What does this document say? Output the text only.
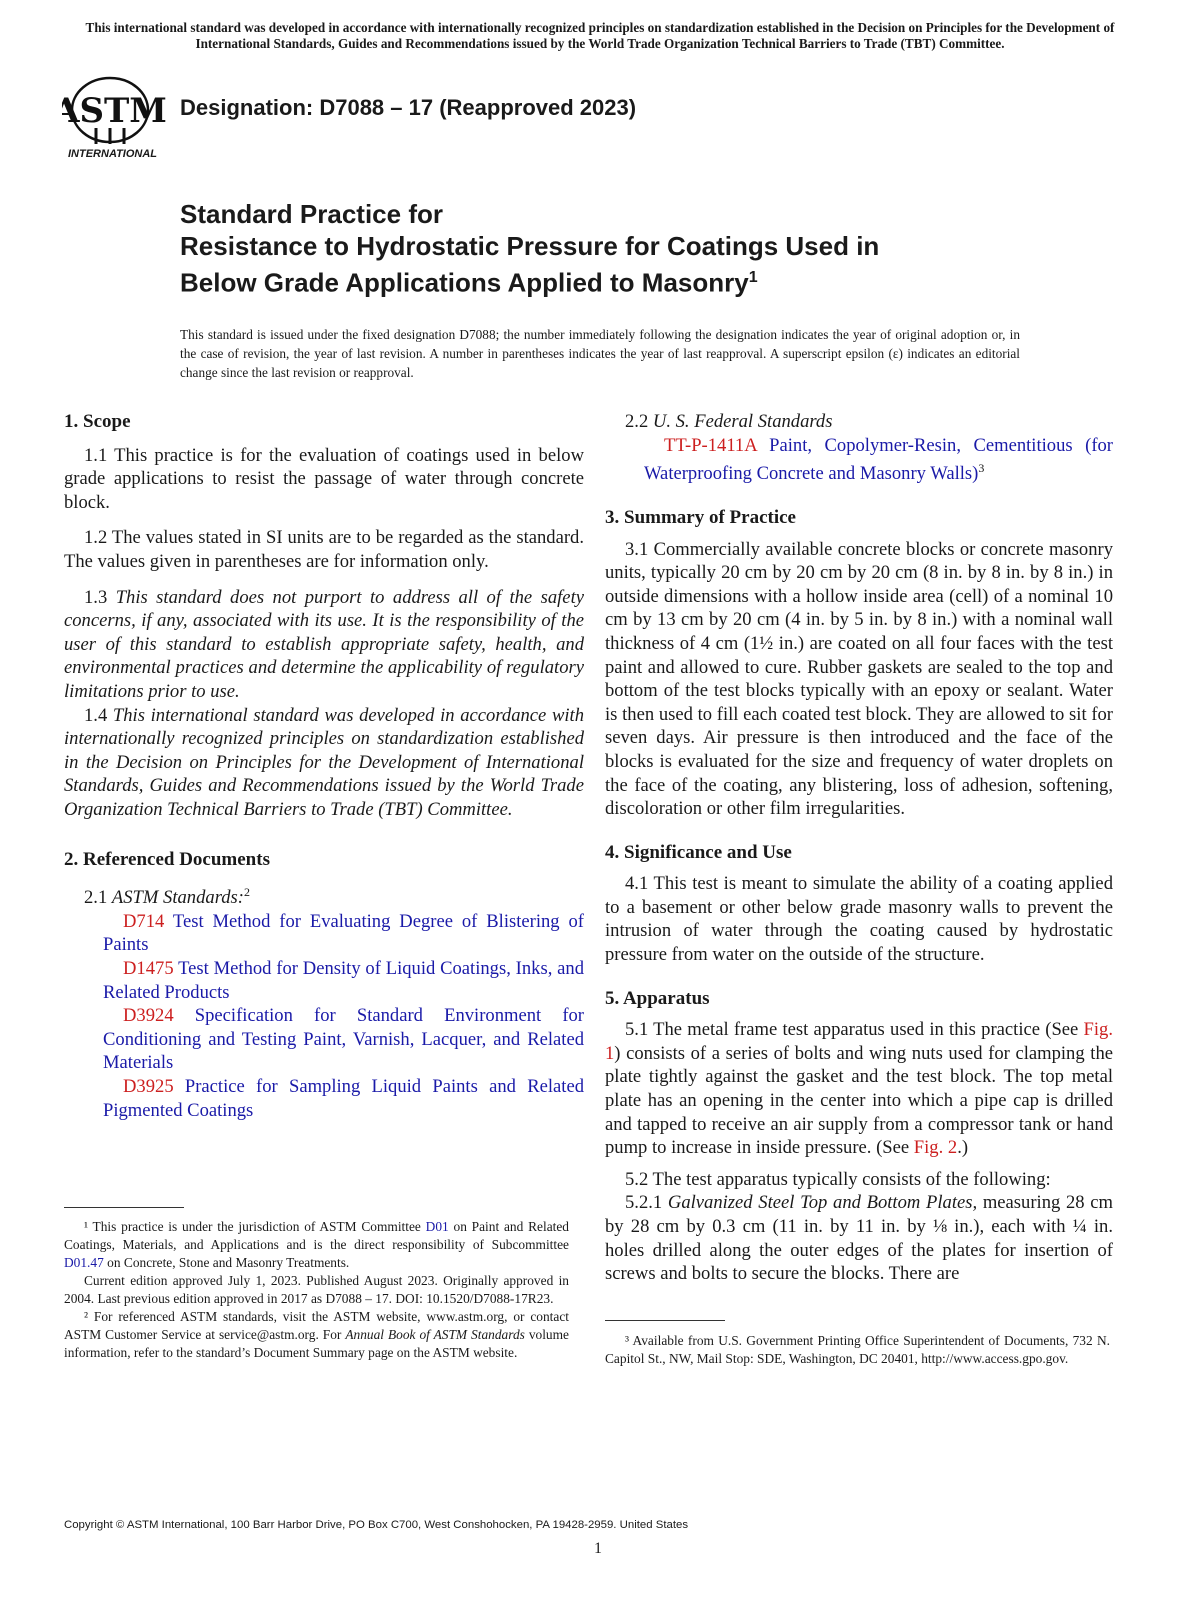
This international standard was developed in accordance with internationally recognized principles on standardization established in the Decision on Principles for the Development of International Standards, Guides and Recommendations issued by the World Trade Organization Technical Barriers to Trade (TBT) Committee.
ASTM
INTERNATIONAL
Designation: D7088 – 17 (Reapproved 2023)
Standard Practice for
Resistance to Hydrostatic Pressure for Coatings Used in
Below Grade Applications Applied to Masonry$^1$
This standard is issued under the fixed designation D7088; the number immediately following the designation indicates the year of original adoption or, in the case of revision, the year of last revision. A number in parentheses indicates the year of last reapproval. A superscript epsilon (ε) indicates an editorial change since the last revision or reapproval.

1. Scope

1.1 This practice is for the evaluation of coatings used in below grade applications to resist the passage of water through concrete block.

1.2 The values stated in SI units are to be regarded as the standard. The values given in parentheses are for information only.

1.3 This standard does not purport to address all of the safety concerns, if any, associated with its use. It is the responsibility of the user of this standard to establish appropriate safety, health, and environmental practices and determine the applicability of regulatory limitations prior to use.

1.4 This international standard was developed in accordance with internationally recognized principles on standardization established in the Decision on Principles for the Development of International Standards, Guides and Recommendations issued by the World Trade Organization Technical Barriers to Trade (TBT) Committee.

2. Referenced Documents

2.1 ASTM Standards:$^2$

D714 Test Method for Evaluating Degree of Blistering of Paints

D1475 Test Method for Density of Liquid Coatings, Inks, and Related Products

D3924 Specification for Standard Environment for Conditioning and Testing Paint, Varnish, Lacquer, and Related Materials

D3925 Practice for Sampling Liquid Paints and Related Pigmented Coatings

¹ This practice is under the jurisdiction of ASTM Committee D01 on Paint and Related Coatings, Materials, and Applications and is the direct responsibility of Subcommittee D01.47 on Concrete, Stone and Masonry Treatments.

Current edition approved July 1, 2023. Published August 2023. Originally approved in 2004. Last previous edition approved in 2017 as D7088 – 17. DOI: 10.1520/D7088-17R23.

² For referenced ASTM standards, visit the ASTM website, www.astm.org, or contact ASTM Customer Service at service@astm.org. For Annual Book of ASTM Standards volume information, refer to the standard’s Document Summary page on the ASTM website.

2.2 U. S. Federal Standards

TT-P-1411A Paint, Copolymer-Resin, Cementitious (for Waterproofing Concrete and Masonry Walls)$^3$

3. Summary of Practice

3.1 Commercially available concrete blocks or concrete masonry units, typically 20 cm by 20 cm by 20 cm (8 in. by 8 in. by 8 in.) in outside dimensions with a hollow inside area (cell) of a nominal 10 cm by 13 cm by 20 cm (4 in. by 5 in. by 8 in.) with a nominal wall thickness of 4 cm (1½ in.) are coated on all four faces with the test paint and allowed to cure. Rubber gaskets are sealed to the top and bottom of the test blocks typically with an epoxy or sealant. Water is then used to fill each coated test block. They are allowed to sit for seven days. Air pressure is then introduced and the face of the blocks is evaluated for the size and frequency of water droplets on the face of the coating, any blistering, loss of adhesion, softening, discoloration or other film irregularities.

4. Significance and Use

4.1 This test is meant to simulate the ability of a coating applied to a basement or other below grade masonry walls to prevent the intrusion of water through the coating caused by hydrostatic pressure from water on the outside of the structure.

5. Apparatus

5.1 The metal frame test apparatus used in this practice (See Fig. 1) consists of a series of bolts and wing nuts used for clamping the plate tightly against the gasket and the test block. The top metal plate has an opening in the center into which a pipe cap is drilled and tapped to receive an air supply from a compressor tank or hand pump to increase in inside pressure. (See Fig. 2.)

5.2 The test apparatus typically consists of the following:

5.2.1 Galvanized Steel Top and Bottom Plates, measuring 28 cm by 28 cm by 0.3 cm (11 in. by 11 in. by ⅛ in.), each with ¼ in. holes drilled along the outer edges of the plates for insertion of screws and bolts to secure the blocks. There are

³ Available from U.S. Government Printing Office Superintendent of Documents, 732 N. Capitol St., NW, Mail Stop: SDE, Washington, DC 20401, http://www.access.gpo.gov.

Copyright © ASTM International, 100 Barr Harbor Drive, PO Box C700, West Conshohocken, PA 19428-2959. United States
1
